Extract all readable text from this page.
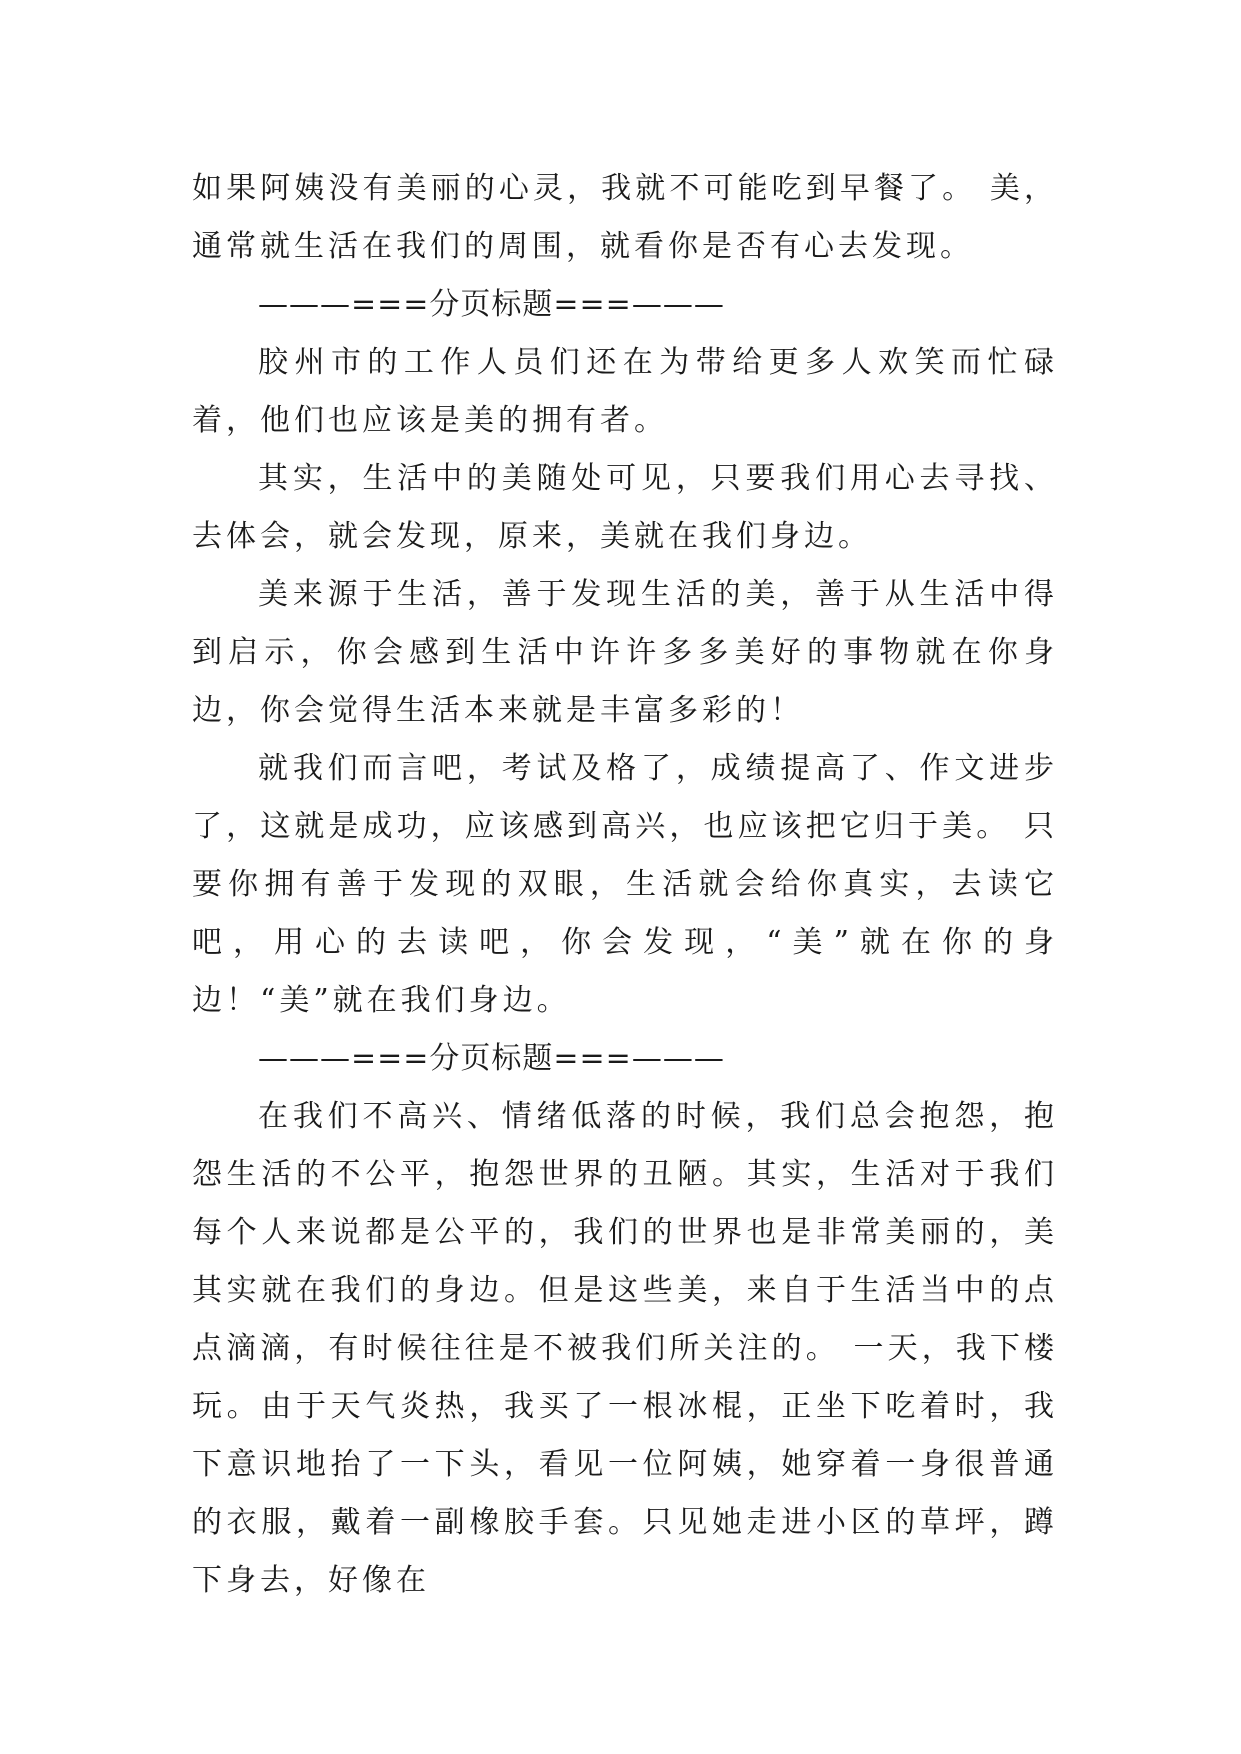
如果阿姨没有美丽的心灵，我就不可能吃到早餐了。 美，通常就生活在我们的周围，就看你是否有心去发现。

———===分页标题===———

胶州市的工作人员们还在为带给更多人欢笑而忙碌着，他们也应该是美的拥有者。

其实，生活中的美随处可见，只要我们用心去寻找、去体会，就会发现，原来，美就在我们身边。

美来源于生活，善于发现生活的美，善于从生活中得到启示，你会感到生活中许许多多美好的事物就在你身边，你会觉得生活本来就是丰富多彩的！

就我们而言吧，考试及格了，成绩提高了、作文进步了，这就是成功，应该感到高兴，也应该把它归于美。 只要你拥有善于发现的双眼，生活就会给你真实，去读它吧，用心的去读吧，你会发现，“美”就在你的身边！“美”就在我们身边。

———===分页标题===———

在我们不高兴、情绪低落的时候，我们总会抱怨，抱怨生活的不公平，抱怨世界的丑陋。其实，生活对于我们每个人来说都是公平的，我们的世界也是非常美丽的，美其实就在我们的身边。但是这些美，来自于生活当中的点点滴滴，有时候往往是不被我们所关注的。 一天，我下楼玩。由于天气炎热，我买了一根冰棍，正坐下吃着时，我下意识地抬了一下头，看见一位阿姨，她穿着一身很普通的衣服，戴着一副橡胶手套。只见她走进小区的草坪，蹲下身去，好像在
